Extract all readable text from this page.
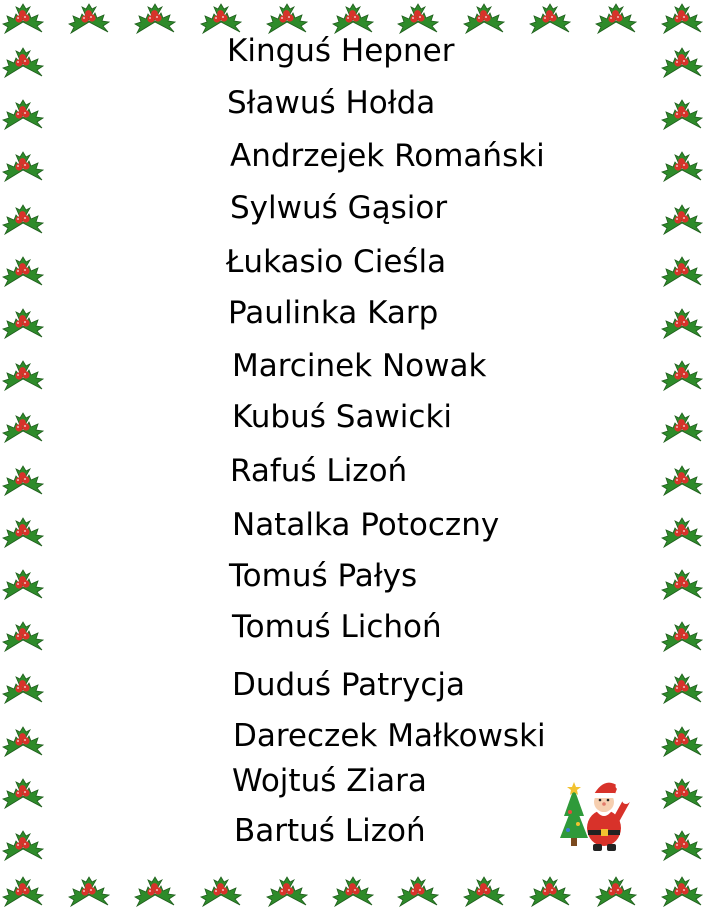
Kinguś Hepner
Sławuś Hołda
Andrzejek Romański
Sylwuś Gąsior
Łukasio Cieśla
Paulinka Karp
Marcinek Nowak
Kubuś Sawicki
Rafuś Lizoń
Natalka Potoczny
Tomuś Pałys
Tomuś Lichoń
Duduś Patrycja
Dareczek Małkowski
Wojtuś Ziara
Bartuś Lizoń
